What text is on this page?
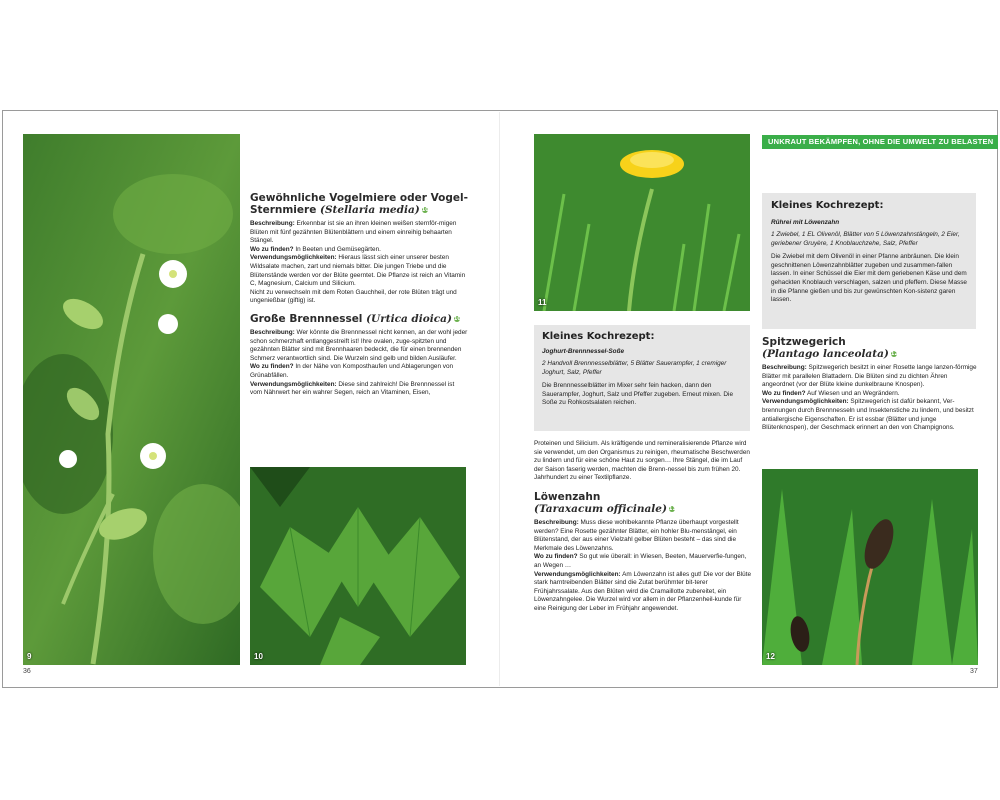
9	10
11
12
UNKRAUT BEKÄMPFEN, OHNE DIE UMWELT ZU BELASTEN
Gewöhnliche Vogelmiere oder Vogel-
Sternmiere (Stellaria media) 10

Beschreibung: Erkennbar ist sie an ihren kleinen weißen sternför-migen Blüten mit fünf gezähnten Blütenblättern und einem einreihig behaarten Stängel.

Wo zu finden? In Beeten und Gemüsegärten.

Verwendungsmöglichkeiten: Hieraus lässt sich einer unserer besten Wildsalate machen, zart und niemals bitter. Die jungen Triebe und die Blütenstände werden vor der Blüte geerntet. Die Pflanze ist reich an Vitamin C, Magnesium, Calcium und Silicium.

Nicht zu verwechseln mit dem Roten Gauchheil, der rote Blüten trägt und ungenießbar (giftig) ist.

Große Brennnessel (Urtica dioica) 10

Beschreibung: Wer könnte die Brennnessel nicht kennen, an der wohl jeder schon schmerzhaft entlanggestreift ist! Ihre ovalen, zuge-spitzten und gezähnten Blätter sind mit Brennhaaren bedeckt, die für einen brennenden Schmerz verantwortlich sind. Die Wurzeln sind gelb und bilden Ausläufer.

Wo zu finden? In der Nähe von Komposthaufen und Ablagerungen von Grünabfällen.

Verwendungsmöglichkeiten: Diese sind zahlreich! Die Brennnessel ist vom Nährwert her ein wahrer Segen, reich an Vitaminen, Eisen,

Kleines Kochrezept:
Joghurt-Brennnessel-Soße
2 Handvoll Brennnesselblätter, 5 Blätter Sauerampfer, 1 cremiger Joghurt, Salz, Pfeffer
Die Brennnesselblätter im Mixer sehr fein hacken, dann den Sauerampfer, Joghurt, Salz und Pfeffer zugeben. Erneut mixen. Die Soße zu Rohkostsalaten reichen.

Proteinen und Silicium. Als kräftigende und remineralisierende Pflanze wird sie verwendet, um den Organismus zu reinigen, rheumatische Beschwerden zu lindern und für eine schöne Haut zu sorgen… Ihre Stängel, die im Lauf der Saison faserig werden, machten die Brenn-nessel bis zum frühen 20. Jahrhundert zu einer Textilpflanze.

Löwenzahn
(Taraxacum officinale) 11

Beschreibung: Muss diese wohlbekannte Pflanze überhaupt vorgestellt werden? Eine Rosette gezähnter Blätter, ein hohler Blu-menstängel, ein Blütenstand, der aus einer Vielzahl gelber Blüten besteht – das sind die Merkmale des Löwenzahns.

Wo zu finden? So gut wie überall: in Wiesen, Beeten, Mauerverfie-fungen, an Wegen …

Verwendungsmöglichkeiten: Am Löwenzahn ist alles gut! Die vor der Blüte stark harntreibenden Blätter sind die Zutat berühmter bit-terer Frühjahrssalate. Aus den Blüten wird die Cramaillotte zubereitet, ein Löwenzahngelee. Die Wurzel wird vor allem in der Pflanzenheil-kunde für eine Reinigung der Leber im Frühjahr angewendet.

Kleines Kochrezept:
Rührei mit Löwenzahn
1 Zwiebel, 1 EL Olivenöl, Blätter von 5 Löwenzahnstängeln, 2 Eier, geriebener Gruyère, 1 Knoblauchzehe, Salz, Pfeffer
Die Zwiebel mit dem Olivenöl in einer Pfanne anbräunen. Die klein geschnittenen Löwenzahnblätter zugeben und zusammen-fallen lassen. In einer Schüssel die Eier mit dem geriebenen Käse und dem gehackten Knoblauch verschlagen, salzen und pfeffern. Diese Masse in die Pfanne gießen und bis zur gewünschten Kon-sistenz garen lassen.
Spitzwegerich
(Plantago lanceolata) 12

Beschreibung: Spitzwegerich besitzt in einer Rosette lange lanzen-förmige Blätter mit parallelen Blattadern. Die Blüten sind zu dichten Ähren angeordnet (vor der Blüte kleine dunkelbraune Knospen).

Wo zu finden? Auf Wiesen und an Wegrändern.

Verwendungsmöglichkeiten: Spitzwegerich ist dafür bekannt, Ver-brennungen durch Brennnesseln und Insektenstiche zu lindern, und besitzt antiallergische Eigenschaften. Er ist essbar (Blätter und junge Blütenknospen), der Geschmack erinnert an den von Champignons.

36	37
